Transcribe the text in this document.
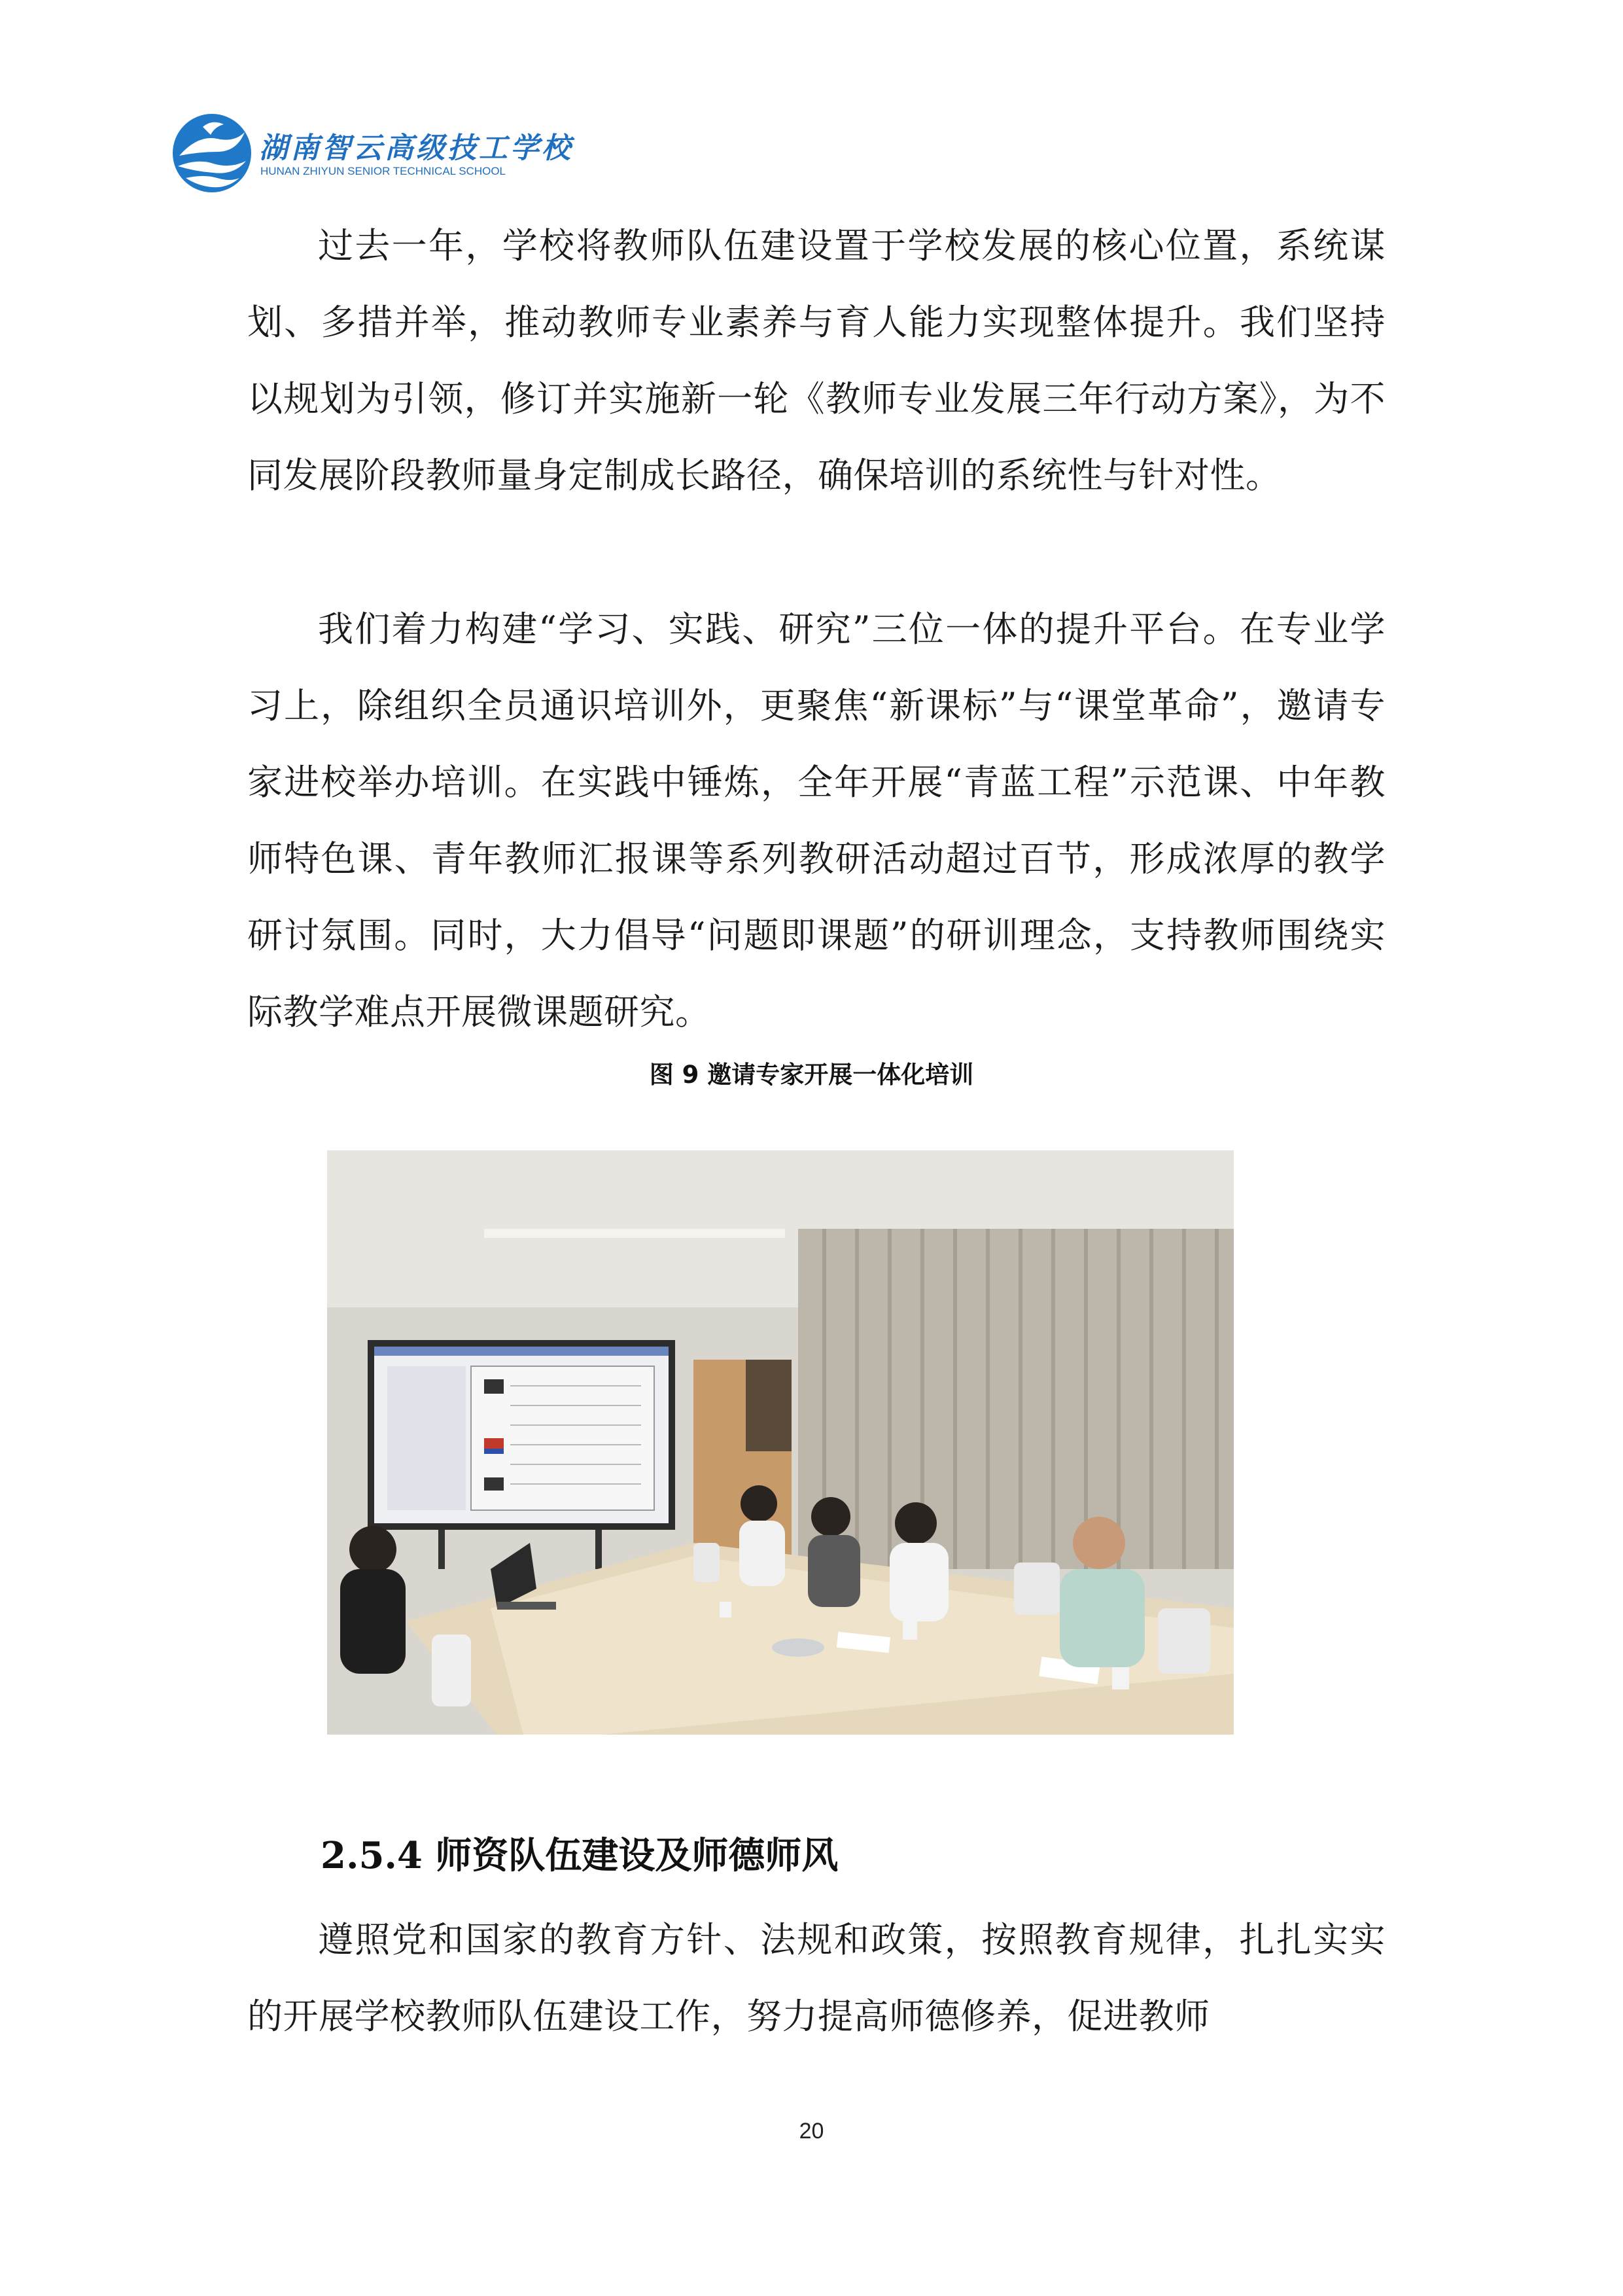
湖南智云高级技工学校
HUNAN ZHIYUN SENIOR TECHNICAL SCHOOL

过去一年，学校将教师队伍建设置于学校发展的核心位置，系统谋划、多措并举，推动教师专业素养与育人能力实现整体提升。我们坚持以规划为引领，修订并实施新一轮《教师专业发展三年行动方案》，为不同发展阶段教师量身定制成长路径，确保培训的系统性与针对性。

我们着力构建“学习、实践、研究”三位一体的提升平台。在专业学习上，除组织全员通识培训外，更聚焦“新课标”与“课堂革命”，邀请专家进校举办培训。在实践中锤炼，全年开展“青蓝工程”示范课、中年教师特色课、青年教师汇报课等系列教研活动超过百节，形成浓厚的教学研讨氛围。同时，大力倡导“问题即课题”的研训理念，支持教师围绕实际教学难点开展微课题研究。

图 9 邀请专家开展一体化培训
2.5.4 师资队伍建设及师德师风

遵照党和国家的教育方针、法规和政策，按照教育规律，扎扎实实的开展学校教师队伍建设工作，努力提高师德修养，促进教师

20
